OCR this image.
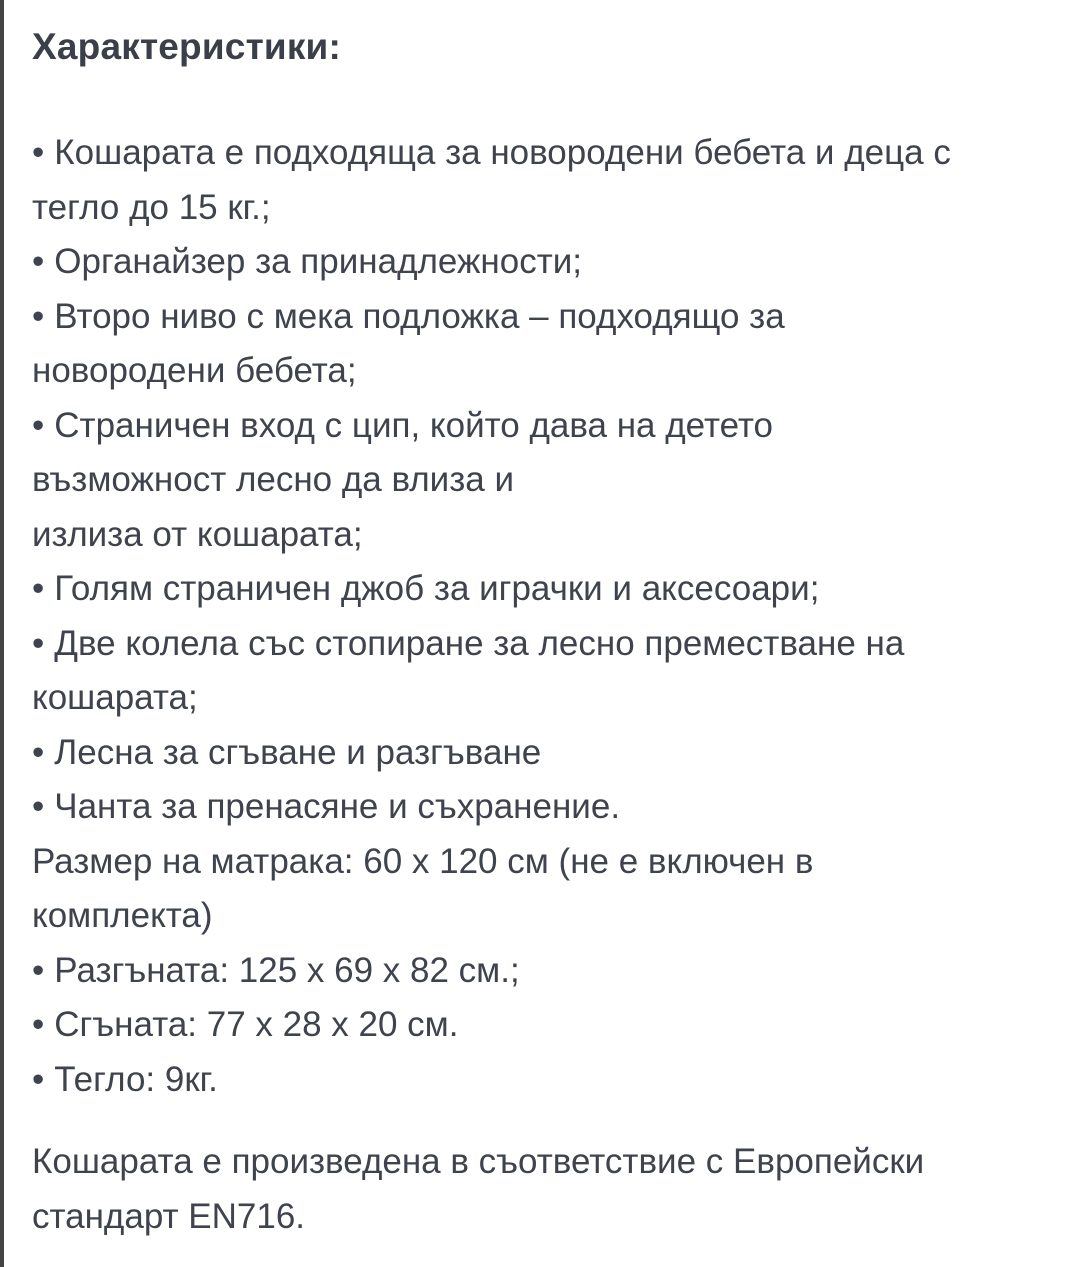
Характеристики:
• Кошарата е подходяща за новородени бебета и деца с
тегло до 15 кг.;
• Органайзер за принадлежности;
• Второ ниво с мека подложка – подходящо за
новородени бебета;
• Страничен вход с цип, който дава на детето
възможност лесно да влиза и
излиза от кошарата;
• Голям страничен джоб за играчки и аксесоари;
• Две колела със стопиране за лесно преместване на
кошарата;
• Лесна за сгъване и разгъване
• Чанта за пренасяне и съхранение.
Размер на матрака: 60 х 120 см (не е включен в
комплекта)
• Разгъната: 125 х 69 х 82 см.;
• Сгъната: 77 х 28 х 20 см.
• Тегло: 9кг.
Кошарата е произведена в съответствие с Европейски
стандарт EN716.
